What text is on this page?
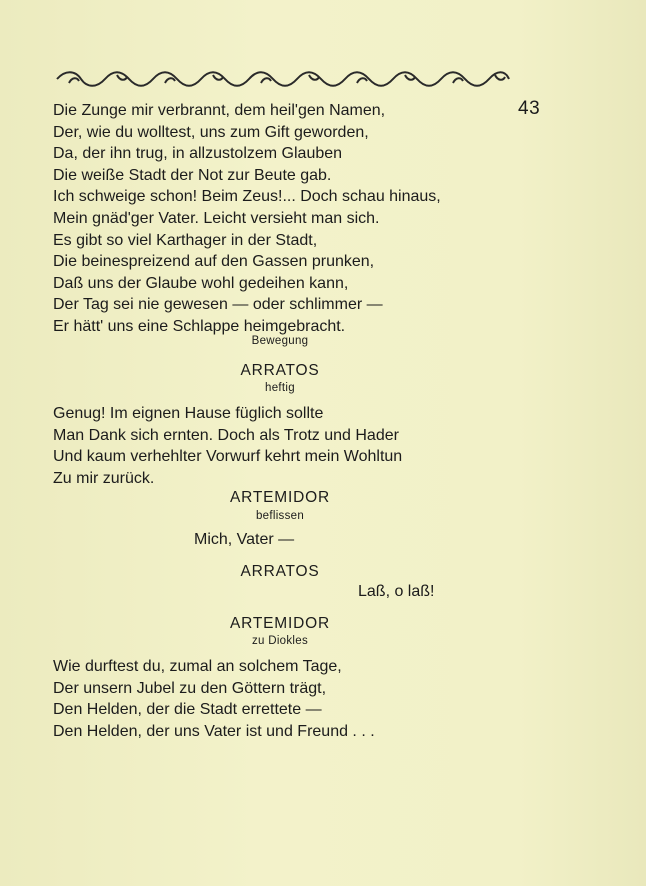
43
Die Zunge mir verbrannt, dem heil'gen Namen,
Der, wie du wolltest, uns zum Gift geworden,
Da, der ihn trug, in allzustolzem Glauben
Die weiße Stadt der Not zur Beute gab.
Ich schweige schon! Beim Zeus!... Doch schau hinaus,
Mein gnäd'ger Vater. Leicht versieht man sich.
Es gibt so viel Karthager in der Stadt,
Die beinespreizend auf den Gassen prunken,
Daß uns der Glaube wohl gedeihen kann,
Der Tag sei nie gewesen — oder schlimmer —
Er hätt' uns eine Schlappe heimgebracht.
Bewegung
ARRATOS
heftig
Genug! Im eignen Hause füglich sollte
Man Dank sich ernten. Doch als Trotz und Hader
Und kaum verhehlter Vorwurf kehrt mein Wohltun
Zu mir zurück.
ARTEMIDOR
beflissen
Mich, Vater —
ARRATOS
Laß, o laß!
ARTEMIDOR
zu Diokles
Wie durftest du, zumal an solchem Tage,
Der unsern Jubel zu den Göttern trägt,
Den Helden, der die Stadt errettete —
Den Helden, der uns Vater ist und Freund . . .
